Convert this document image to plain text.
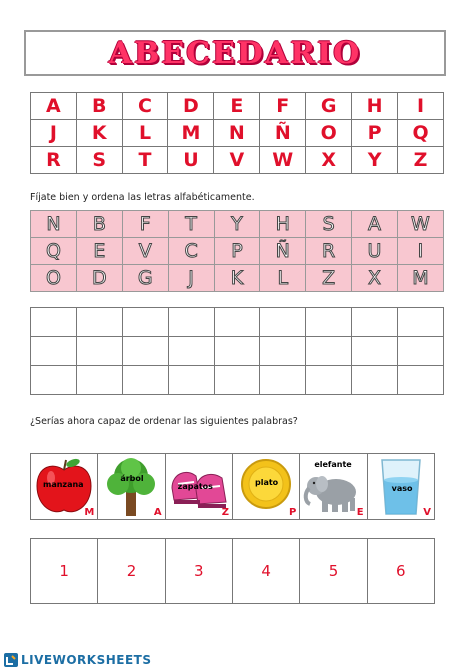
ABECEDARIO
A	B	C	D	E	F	G	H	I
J	K	L	M	N	Ñ	O	P	Q
R	S	T	U	V	W	X	Y	Z
Fíjate bien y ordena las letras alfabéticamente.
N	B	F	T	Y	H	S	A	W
Q	E	V	C	P	Ñ	R	U	I
O	D	G	J	K	L	Z	X	M

¿Serías ahora capaz de ordenar las siguientes palabras?
manzana
M
árbol
A
zapatos
Z
plato
P
elefante
E
vaso
V
1	2	3	4	5	6
LIVEWORKSHEETS
